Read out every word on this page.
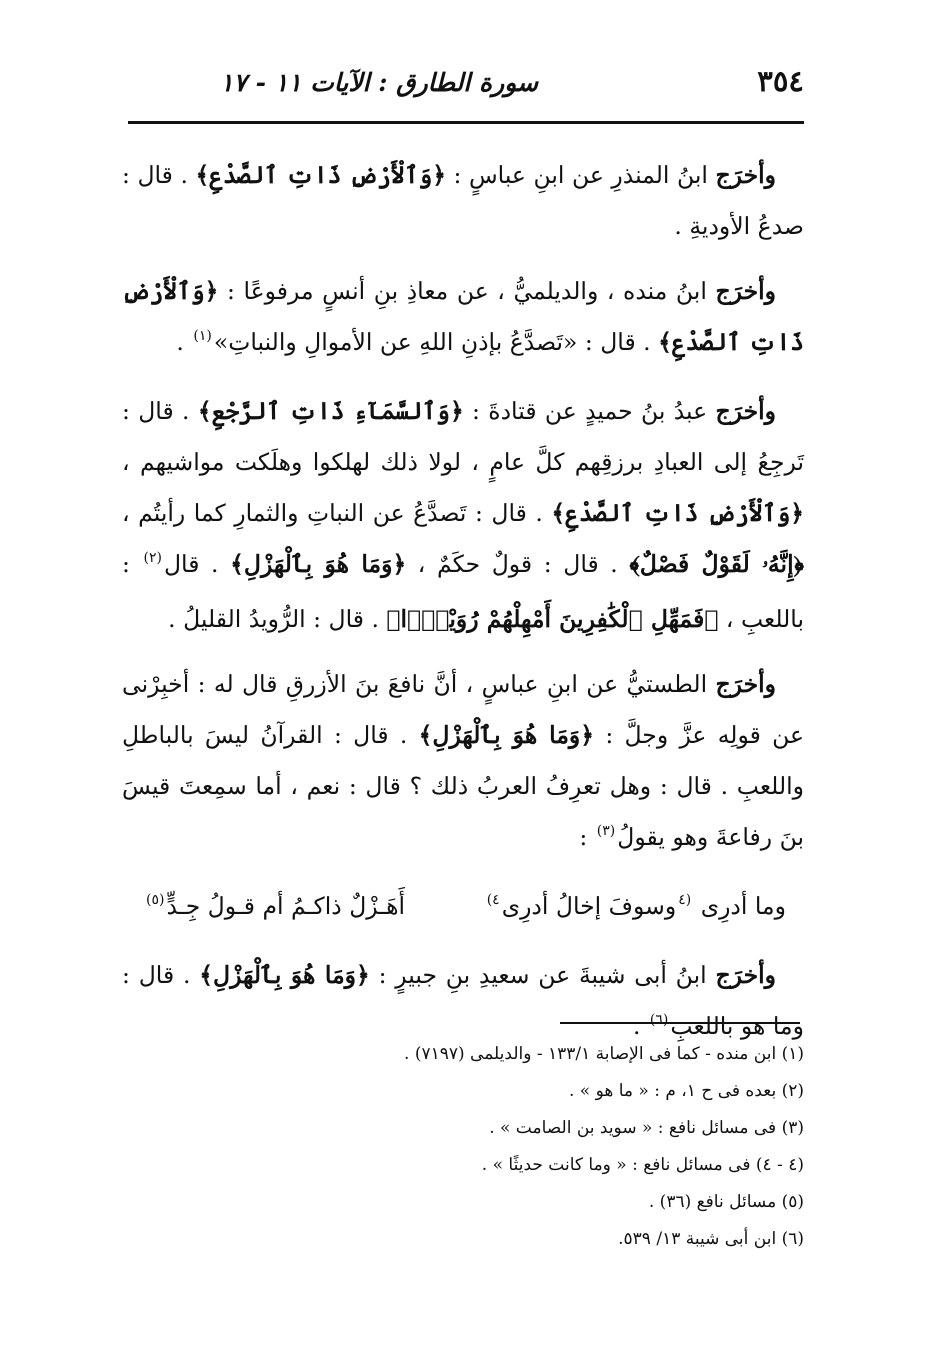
٣٥٤
سورة الطارق : الآيات ١١ - ١٧

وأخرَج ابنُ المنذرِ عن ابنِ عباسٍ : ﴿وَٱلْأَرْضِ ذَاتِ ٱلصَّدْعِ﴾ . قال : صدعُ الأوديةِ .

وأخرَج ابنُ منده ، والديلميُّ ، عن معاذِ بنِ أنسٍ مرفوعًا : ﴿وَٱلْأَرْضِ ذَاتِ ٱلصَّدْعِ﴾ . قال : «تَصدَّعُ بإذنِ اللهِ عن الأموالِ والنباتِ»$^{(١)}$ .

وأخرَج عبدُ بنُ حميدٍ عن قتادةَ : ﴿وَٱلسَّمَآءِ ذَاتِ ٱلرَّجْعِ﴾ . قال : تَرجِعُ إلى العبادِ برزقِهم كلَّ عامٍ ، لولا ذلك لهلكوا وهلَكت مواشيهم ، ﴿وَٱلْأَرْضِ ذَاتِ ٱلصَّدْعِ﴾ . قال : تَصدَّعُ عن النباتِ والثمارِ كما رأيتُم ، ﴿إِنَّهُۥ لَقَوْلٌ فَصْلٌ﴾ . قال : قولٌ حكَمٌ ، ﴿وَمَا هُوَ بِٱلْهَزْلِ﴾ . قال$^{(٢)}$ : باللعبِ ، ﴿فَمَهِّلِ ٱلْكَٰفِرِينَ أَمْهِلْهُمْ رُوَيْدًۢا﴾ . قال : الرُّويدُ القليلُ .

وأخرَج الطستيُّ عن ابنِ عباسٍ ، أنَّ نافعَ بنَ الأزرقِ قال له : أخبِرْنى عن قولِه عزَّ وجلَّ : ﴿وَمَا هُوَ بِٱلْهَزْلِ﴾ . قال : القرآنُ ليسَ بالباطلِ واللعبِ . قال : وهل تعرِفُ العربُ ذلك ؟ قال : نعم ، أما سمِعتَ قيسَ بنَ رفاعةَ وهو يقولُ$^{(٣)}$ :

وما أدرِى $^{(٤}$وسوفَ إخالُ أدرِى$^{٤)}$
أَهَـزْلٌ ذاكـمُ أم قـولُ جِـدٍّ$^{(٥)}$

وأخرَج ابنُ أبى شيبةَ عن سعيدِ بنِ جبيرٍ : ﴿وَمَا هُوَ بِٱلْهَزْلِ﴾ . قال : وما هو باللعبِ$^{(٦)}$ .

(١) ابن منده - كما فى الإصابة ١٣٣/١ - والديلمى (٧١٩٧) .

(٢) بعده فى ح ١، م : « ما هو » .

(٣) فى مسائل نافع : « سويد بن الصامت » .

(٤ - ٤) فى مسائل نافع : « وما كانت حديثًا » .

(٥) مسائل نافع (٣٦) .

(٦) ابن أبى شيبة ١٣/ ٥٣٩.
